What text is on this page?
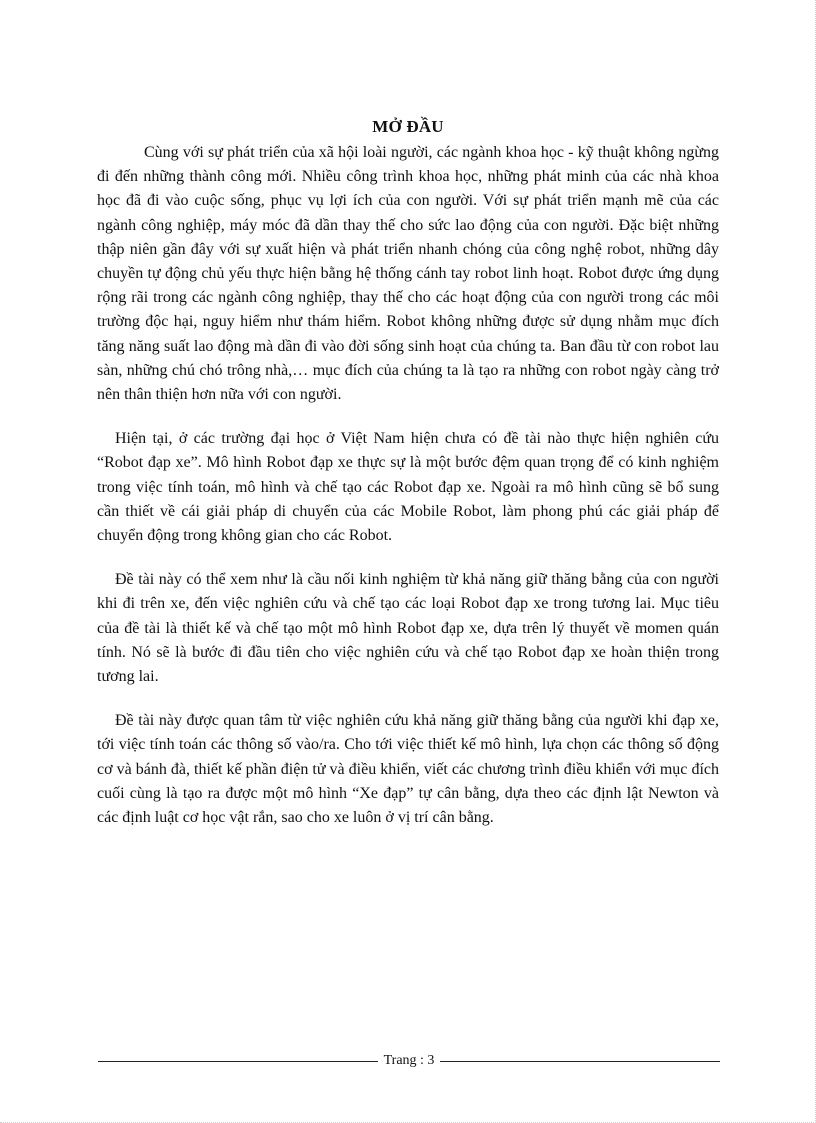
MỞ ĐẦU

Cùng với sự phát triển của xã hội loài người, các ngành khoa học - kỹ thuật không ngừng đi đến những thành công mới. Nhiều công trình khoa học, những phát minh của các nhà khoa học đã đi vào cuộc sống, phục vụ lợi ích của con người. Với sự phát triển mạnh mẽ của các ngành công nghiệp, máy móc đã dần thay thế cho sức lao động của con người. Đặc biệt những thập niên gần đây với sự xuất hiện và phát triển nhanh chóng của công nghệ robot, những dây chuyền tự động chủ yếu thực hiện bằng hệ thống cánh tay robot linh hoạt. Robot được ứng dụng rộng rãi trong các ngành công nghiệp, thay thế cho các hoạt động của con người trong các môi trường độc hại, nguy hiểm như thám hiểm. Robot không những được sử dụng nhằm mục đích tăng năng suất lao động mà dần đi vào đời sống sinh hoạt của chúng ta. Ban đầu từ con robot lau sàn, những chú chó trông nhà,… mục đích của chúng ta là tạo ra những con robot ngày càng trở nên thân thiện hơn nữa với con người.

Hiện tại, ở các trường đại học ở Việt Nam hiện chưa có đề tài nào thực hiện nghiên cứu “Robot đạp xe”. Mô hình Robot đạp xe thực sự là một bước đệm quan trọng để có kinh nghiệm trong việc tính toán, mô hình và chế tạo các Robot đạp xe. Ngoài ra mô hình cũng sẽ bổ sung cần thiết về cái giải pháp di chuyển của các Mobile Robot, làm phong phú các giải pháp để chuyển động trong không gian cho các Robot.

Đề tài này có thể xem như là cầu nối kinh nghiệm từ khả năng giữ thăng bằng của con người khi đi trên xe, đến việc nghiên cứu và chế tạo các loại Robot đạp xe trong tương lai. Mục tiêu của đề tài là thiết kế và chế tạo một mô hình Robot đạp xe, dựa trên lý thuyết về momen quán tính. Nó sẽ là bước đi đầu tiên cho việc nghiên cứu và chế tạo Robot đạp xe hoàn thiện trong tương lai.

Đề tài này được quan tâm từ việc nghiên cứu khả năng giữ thăng bằng của người khi đạp xe, tới việc tính toán các thông số vào/ra. Cho tới việc thiết kế mô hình, lựa chọn các thông số động cơ và bánh đà, thiết kế phần điện tử và điều khiển, viết các chương trình điều khiển với mục đích cuối cùng là tạo ra được một mô hình “Xe đạp” tự cân bằng, dựa theo các định lật Newton và các định luật cơ học vật rắn, sao cho xe luôn ở vị trí cân bằng.

Trang : 3
